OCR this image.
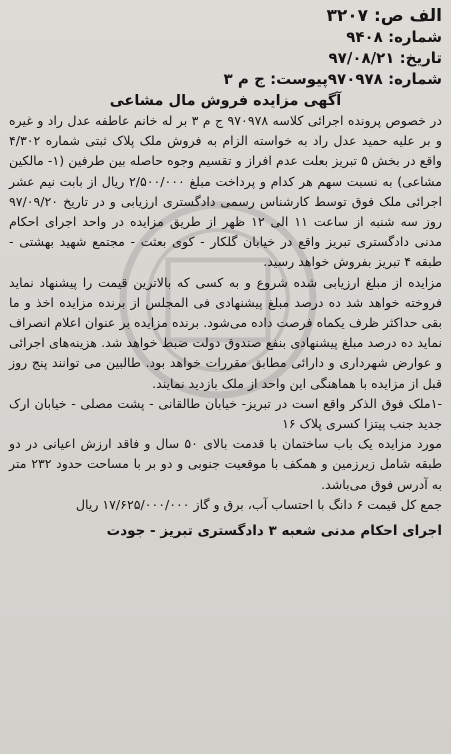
الف ص: ۳۲۰۷
شماره: ۹۴۰۸
تاریخ: ۹۷/۰۸/۲۱
شماره: ۹۷۰۹۷۸پیوست: ج م ۳
آگهی مزایده فروش مال مشاعی

در خصوص پرونده اجرائی کلاسه ۹۷۰۹۷۸ ج م ۳ بر له خانم عاطفه عدل راد و غیره و بر علیه حمید عدل راد به خواسته الزام به فروش ملک پلاک ثبتی شماره ۴/۳۰۲ واقع در بخش ۵ تبریز بعلت عدم افراز و تقسیم وجوه حاصله بین طرفین (۱- مالکین مشاعی) به نسبت سهم هر کدام و پرداخت مبلغ ۲/۵۰۰/۰۰۰ ریال از بابت نیم عشر اجرائی ملک فوق توسط کارشناس رسمی دادگستری ارزیابی و در تاریخ ۹۷/۰۹/۲۰ روز سه شنبه از ساعت ۱۱ الی ۱۲ ظهر از طریق مزایده در واحد اجرای احکام مدنی دادگستری تبریز واقع در خیابان گلکار - کوی بعثت - مجتمع شهید بهشتی - طبقه ۴ تبریز بفروش خواهد رسید.

مزایده از مبلغ ارزیابی شده شروع و به کسی که بالاترین قیمت را پیشنهاد نماید فروخته خواهد شد ده درصد مبلغ پیشنهادی فی المجلس از برنده مزایده اخذ و ما بقی حداکثر ظرف یکماه فرصت داده می‌شود. برنده مزایده بر عنوان اعلام انصراف نماید ده درصد مبلغ پیشنهادی بنفع صندوق دولت ضبط خواهد شد. هزینه‌های اجرائی و عوارض شهرداری و دارائی مطابق مقررات خواهد بود. طالبین می توانند پنج روز قبل از مزایده با هماهنگی این واحد از ملک بازدید نمایند.

-۱ملک فوق الذکر واقع است در تبریز- خیابان طالقانی - پشت مصلی - خیابان ارک جدید جنب پیتزا کسری پلاک ۱۶

مورد مزایده یک باب ساختمان با قدمت بالای ۵۰ سال و فاقد ارزش اعیانی در دو طبقه شامل زیرزمین و همکف با موقعیت جنوبی و دو بر با مساحت حدود ۲۳۲ متر به آدرس فوق می‌باشد.

جمع کل قیمت ۶ دانگ با احتساب آب، برق و گاز ۱۷/۶۲۵/۰۰۰/۰۰۰ ریال

اجرای احکام مدنی شعبه ۳ دادگستری تبریز - جودت
